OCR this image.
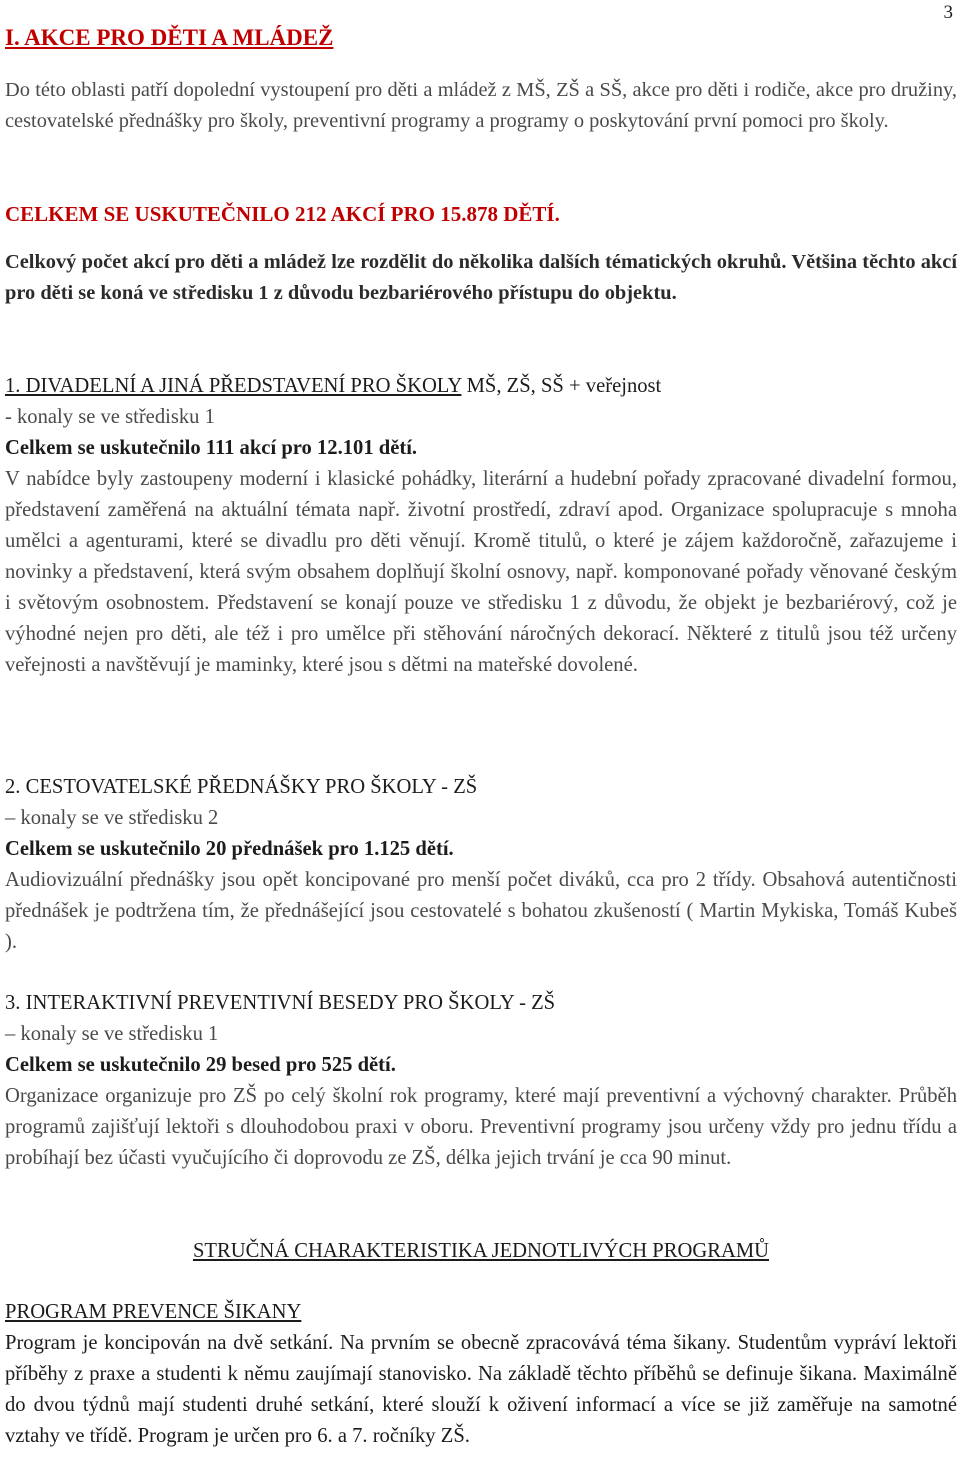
3
I. AKCE PRO DĚTI A MLÁDEŽ

Do této oblasti patří dopolední vystoupení pro děti a mládež z MŠ, ZŠ a SŠ, akce pro děti i rodiče, akce pro družiny, cestovatelské přednášky pro školy, preventivní programy a programy o poskytování první pomoci pro školy.

CELKEM SE USKUTEČNILO 212 AKCÍ PRO 15.878 DĚTÍ.

Celkový počet akcí pro děti a mládež lze rozdělit do několika dalších tématických okruhů. Většina těchto akcí pro děti se koná ve středisku 1 z důvodu bezbariérového přístupu do objektu.

1. DIVADELNÍ A JINÁ PŘEDSTAVENÍ PRO ŠKOLY MŠ, ZŠ, SŠ + veřejnost

- konaly se ve středisku 1

Celkem se uskutečnilo 111 akcí pro 12.101 dětí.

V nabídce byly zastoupeny moderní i klasické pohádky, literární a hudební pořady zpracované divadelní formou, představení zaměřená na aktuální témata např. životní prostředí, zdraví apod. Organizace spolupracuje s mnoha umělci a agenturami, které se divadlu pro děti věnují. Kromě titulů, o které je zájem každoročně, zařazujeme i novinky a představení, která svým obsahem doplňují školní osnovy, např. komponované pořady věnované českým i světovým osobnostem. Představení se konají pouze ve středisku 1 z důvodu, že objekt je bezbariérový, což je výhodné nejen pro děti, ale též i pro umělce při stěhování náročných dekorací. Některé z titulů jsou též určeny veřejnosti a navštěvují je maminky, které jsou s dětmi na mateřské dovolené.

2. CESTOVATELSKÉ PŘEDNÁŠKY PRO ŠKOLY - ZŠ

– konaly se ve středisku 2

Celkem se uskutečnilo 20 přednášek pro 1.125 dětí.

Audiovizuální přednášky jsou opět koncipované pro menší počet diváků, cca pro 2 třídy. Obsahová autentičnosti přednášek je podtržena tím, že přednášející jsou cestovatelé s bohatou zkušeností ( Martin Mykiska, Tomáš Kubeš ).

3. INTERAKTIVNÍ PREVENTIVNÍ BESEDY PRO ŠKOLY - ZŠ

– konaly se ve středisku 1

Celkem se uskutečnilo 29 besed pro 525 dětí.

Organizace organizuje pro ZŠ po celý školní rok programy, které mají preventivní a výchovný charakter. Průběh programů zajišťují lektoři s dlouhodobou praxi v oboru. Preventivní programy jsou určeny vždy pro jednu třídu a probíhají bez účasti vyučujícího či doprovodu ze ZŠ, délka jejich trvání je cca 90 minut.

STRUČNÁ CHARAKTERISTIKA JEDNOTLIVÝCH PROGRAMŮ

PROGRAM PREVENCE ŠIKANY

Program je koncipován na dvě setkání. Na prvním se obecně zpracovává téma šikany. Studentům vypráví lektoři příběhy z praxe a studenti k němu zaujímají stanovisko. Na základě těchto příběhů se definuje šikana. Maximálně do dvou týdnů mají studenti druhé setkání, které slouží k oživení informací a více se již zaměřuje na samotné vztahy ve třídě. Program je určen pro 6. a 7. ročníky ZŠ.
